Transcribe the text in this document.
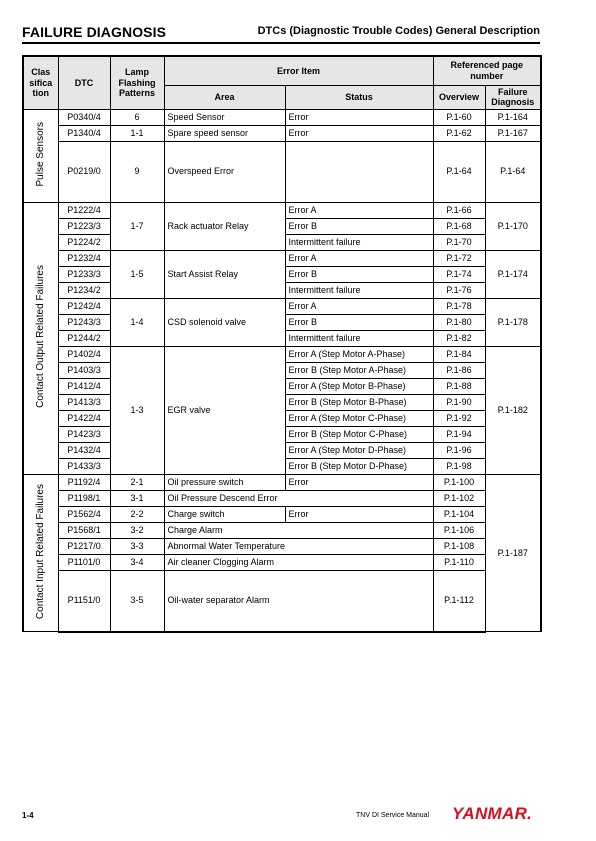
FAILURE DIAGNOSIS	DTCs (Diagnostic Trouble Codes) General Description
Clas sifica tion	DTC	Lamp Flashing Patterns	Error Item		Referenced page number	
			Area	Status	Overview	Failure Diagnosis
Pulse Sensors	P0340/4	6	Speed Sensor	Error	P.1-60	P.1-164
	P1340/4	1-1	Spare speed sensor	Error	P.1-62	P.1-167
	P0219/0	9	Overspeed Error		P.1-64	P.1-64
Contact Output Related Failures	P1222/4	1-7	Rack actuator Relay	Error A	P.1-66	P.1-170
	P1223/3			Error B	P.1-68	
	P1224/2			Intermittent failure	P.1-70	
	P1232/4	1-5	Start Assist Relay	Error A	P.1-72	P.1-174
	P1233/3			Error B	P.1-74	
	P1234/2			Intermittent failure	P.1-76	
	P1242/4	1-4	CSD solenoid valve	Error A	P.1-78	P.1-178
	P1243/3			Error B	P.1-80	
	P1244/2			Intermittent failure	P.1-82	
	P1402/4	1-3	EGR valve	Error A (Step Motor A-Phase)	P.1-84	P.1-182
	P1403/3			Error B (Step Motor A-Phase)	P.1-86	
	P1412/4			Error A (Step Motor B-Phase)	P.1-88	
	P1413/3			Error B (Step Motor B-Phase)	P.1-90	
	P1422/4			Error A (Step Motor C-Phase)	P.1-92	
	P1423/3			Error B (Step Motor C-Phase)	P.1-94	
	P1432/4			Error A (Step Motor D-Phase)	P.1-96	
	P1433/3			Error B (Step Motor D-Phase)	P.1-98	
Contact Input Related Failures	P1192/4	2-1	Oil pressure switch	Error	P.1-100	P.1-187
	P1198/1	3-1	Oil Pressure Descend Error		P.1-102	
	P1562/4	2-2	Charge switch	Error	P.1-104	
	P1568/1	3-2	Charge Alarm		P.1-106	
	P1217/0	3-3	Abnormal Water Temperature		P.1-108	
	P1101/0	3-4	Air cleaner Clogging Alarm		P.1-110	
	P1151/0	3-5	Oil-water separator Alarm		P.1-112	
1-4	TNV DI Service Manual YANMAR.
